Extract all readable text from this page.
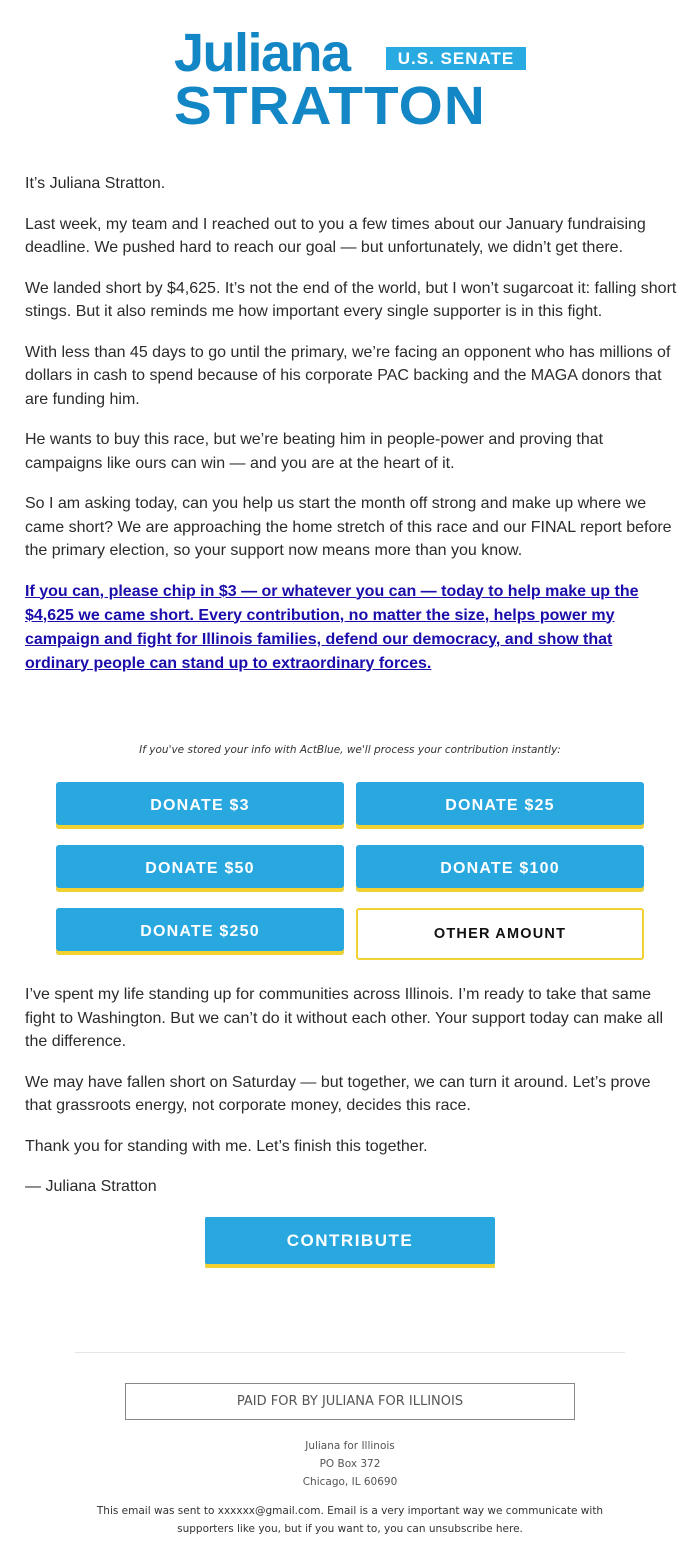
Juliana	U.S. SENATE
STRATTON

It’s Juliana Stratton.

Last week, my team and I reached out to you a few times about our January fundraising deadline. We pushed hard to reach our goal — but unfortunately, we didn’t get there.

We landed short by $4,625. It’s not the end of the world, but I won’t sugarcoat it: falling short stings. But it also reminds me how important every single supporter is in this fight.

With less than 45 days to go until the primary, we’re facing an opponent who has millions of dollars in cash to spend because of his corporate PAC backing and the MAGA donors that are funding him.

He wants to buy this race, but we’re beating him in people-power and proving that campaigns like ours can win — and you are at the heart of it.

So I am asking today, can you help us start the month off strong and make up where we came short? We are approaching the home stretch of this race and our FINAL report before the primary election, so your support now means more than you know.

If you can, please chip in $3 — or whatever you can — today to help make up the $4,625 we came short. Every contribution, no matter the size, helps power my campaign and fight for Illinois families, defend our democracy, and show that ordinary people can stand up to extraordinary forces.
If you've stored your info with ActBlue, we'll process your contribution instantly:
DONATE $3	DONATE $25
DONATE $50	DONATE $100
DONATE $250	OTHER AMOUNT

I’ve spent my life standing up for communities across Illinois. I’m ready to take that same fight to Washington. But we can’t do it without each other. Your support today can make all the difference.

We may have fallen short on Saturday — but together, we can turn it around. Let’s prove that grassroots energy, not corporate money, decides this race.

Thank you for standing with me. Let’s finish this together.

— Juliana Stratton

CONTRIBUTE
PAID FOR BY JULIANA FOR ILLINOIS
Juliana for Illinois
PO Box 372
Chicago, IL 60690
This email was sent to xxxxxx@gmail.com. Email is a very important way we communicate with supporters like you, but if you want to, you can unsubscribe here.
